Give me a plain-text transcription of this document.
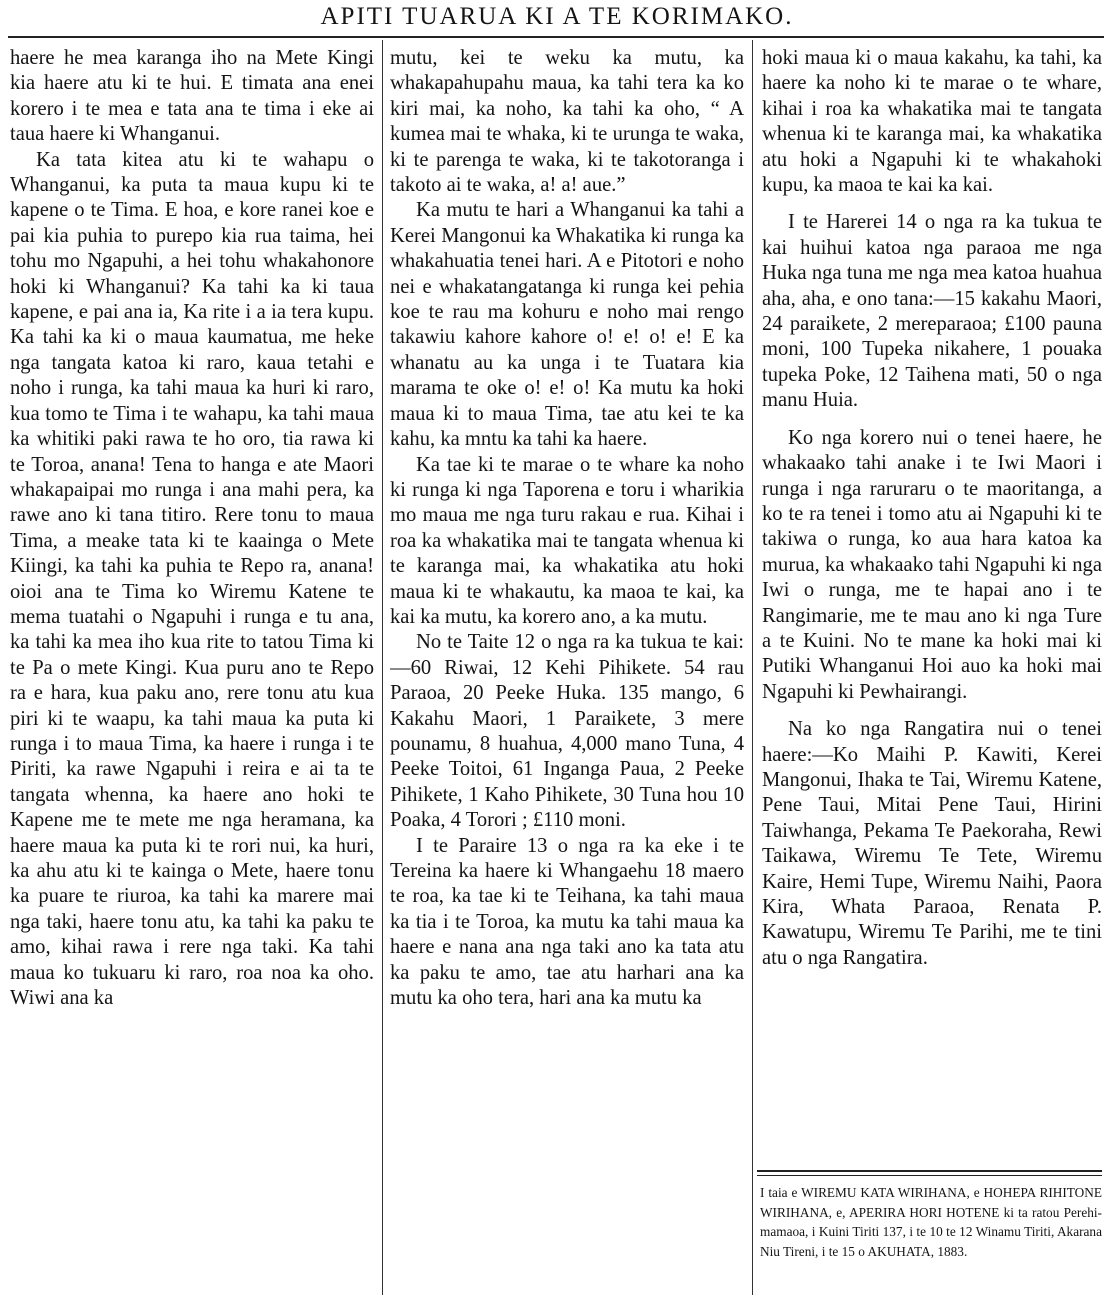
APITI TUARUA KI A TE KORIMAKO.

haere he mea karanga iho na Mete Kingi kia haere atu ki te hui. E timata ana enei korero i te mea e tata ana te tima i eke ai taua haere ki Whanganui.

Ka tata kitea atu ki te wahapu o Whanganui, ka puta ta maua kupu ki te kapene o te Tima. E hoa, e kore ranei koe e pai kia puhia to purepo kia rua taima, hei tohu mo Ngapuhi, a hei tohu whakahonore hoki ki Whanganui? Ka tahi ka ki taua kapene, e pai ana ia, Ka rite i a ia tera kupu. Ka tahi ka ki o maua kaumatua, me heke nga tangata katoa ki raro, kaua tetahi e noho i runga, ka tahi maua ka huri ki raro, kua tomo te Tima i te wahapu, ka tahi maua ka whitiki paki rawa te ho oro, tia rawa ki te Toroa, anana! Tena to hanga e ate Maori whakapaipai mo runga i ana mahi pera, ka rawe ano ki tana titiro. Rere tonu to maua Tima, a meake tata ki te kaainga o Mete Kiingi, ka tahi ka puhia te Repo ra, anana! oioi ana te Tima ko Wiremu Katene te mema tuatahi o Ngapuhi i runga e tu ana, ka tahi ka mea iho kua rite to tatou Tima ki te Pa o mete Kingi. Kua puru ano te Repo ra e hara, kua paku ano, rere tonu atu kua piri ki te waapu, ka tahi maua ka puta ki runga i to maua Tima, ka haere i runga i te Piriti, ka rawe Ngapuhi i reira e ai ta te tangata whenna, ka haere ano hoki te Kapene me te mete me nga heramana, ka haere maua ka puta ki te rori nui, ka huri, ka ahu atu ki te kainga o Mete, haere tonu ka puare te riuroa, ka tahi ka marere mai nga taki, haere tonu atu, ka tahi ka paku te amo, kihai rawa i rere nga taki. Ka tahi maua ko tukuaru ki raro, roa noa ka oho. Wiwi ana ka

mutu, kei te weku ka mutu, ka whakapahupahu maua, ka tahi tera ka ko kiri mai, ka noho, ka tahi ka oho, “ A kumea mai te whaka, ki te urunga te waka, ki te parenga te waka, ki te takotoranga i takoto ai te waka, a! a! aue.”

Ka mutu te hari a Whanganui ka tahi a Kerei Mangonui ka Whakatika ki runga ka whakahuatia tenei hari. A e Pitotori e noho nei e whakatangatanga ki runga kei pehia koe te rau ma kohuru e noho mai rengo takawiu kahore kahore o! e! o! e! E ka whanatu au ka unga i te Tuatara kia marama te oke o! e! o! Ka mutu ka hoki maua ki to maua Tima, tae atu kei te ka kahu, ka mntu ka tahi ka haere.

Ka tae ki te marae o te whare ka noho ki runga ki nga Taporena e toru i wharikia mo maua me nga turu rakau e rua. Kihai i roa ka whakatika mai te tangata whenua ki te karanga mai, ka whakatika atu hoki maua ki te whakautu, ka maoa te kai, ka kai ka mutu, ka korero ano, a ka mutu.

No te Taite 12 o nga ra ka tukua te kai:—60 Riwai, 12 Kehi Pihikete. 54 rau Paraoa, 20 Peeke Huka. 135 mango, 6 Kakahu Maori, 1 Paraikete, 3 mere pounamu, 8 huahua, 4,000 mano Tuna, 4 Peeke Toitoi, 61 Inganga Paua, 2 Peeke Pihikete, 1 Kaho Pihikete, 30 Tuna hou 10 Poaka, 4 Torori ; £110 moni.

I te Paraire 13 o nga ra ka eke i te Tereina ka haere ki Whangaehu 18 maero te roa, ka tae ki te Teihana, ka tahi maua ka tia i te Toroa, ka mutu ka tahi maua ka haere e nana ana nga taki ano ka tata atu ka paku te amo, tae atu harhari ana ka mutu ka oho tera, hari ana ka mutu ka

hoki maua ki o maua kakahu, ka tahi, ka haere ka noho ki te marae o te whare, kihai i roa ka whakatika mai te tangata whenua ki te karanga mai, ka whakatika atu hoki a Ngapuhi ki te whakahoki kupu, ka maoa te kai ka kai.

I te Harerei 14 o nga ra ka tukua te kai huihui katoa nga paraoa me nga Huka nga tuna me nga mea katoa huahua aha, aha, e ono tana:—15 kakahu Maori, 24 paraikete, 2 mereparaoa; £100 pauna moni, 100 Tupeka nikahere, 1 pouaka tupeka Poke, 12 Taihena mati, 50 o nga manu Huia.

Ko nga korero nui o tenei haere, he whakaako tahi anake i te Iwi Maori i runga i nga raruraru o te maoritanga, a ko te ra tenei i tomo atu ai Ngapuhi ki te takiwa o runga, ko aua hara katoa ka murua, ka whakaako tahi Ngapuhi ki nga Iwi o runga, me te hapai ano i te Rangimarie, me te mau ano ki nga Ture a te Kuini. No te mane ka hoki mai ki Putiki Whanganui Hoi auo ka hoki mai Ngapuhi ki Pewhairangi.

Na ko nga Rangatira nui o tenei haere:—Ko Maihi P. Kawiti, Kerei Mangonui, Ihaka te Tai, Wiremu Katene, Pene Taui, Mitai Pene Taui, Hirini Taiwhanga, Pekama Te Paekoraha, Rewi Taikawa, Wiremu Te Tete, Wiremu Kaire, Hemi Tupe, Wiremu Naihi, Paora Kira, Whata Paraoa, Renata P. Kawatupu, Wiremu Te Parihi, me te tini atu o nga Rangatira.

I taia e WIREMU KATA WIRIHANA, e HOHEPA RIHITONE WIRIHANA, e, APERIRA HORI HOTENE ki ta ratou Perehi-mamaoa, i Kuini Tiriti 137, i te 10 te 12 Winamu Tiriti, Akarana Niu Tireni, i te 15 o AKUHATA, 1883.
